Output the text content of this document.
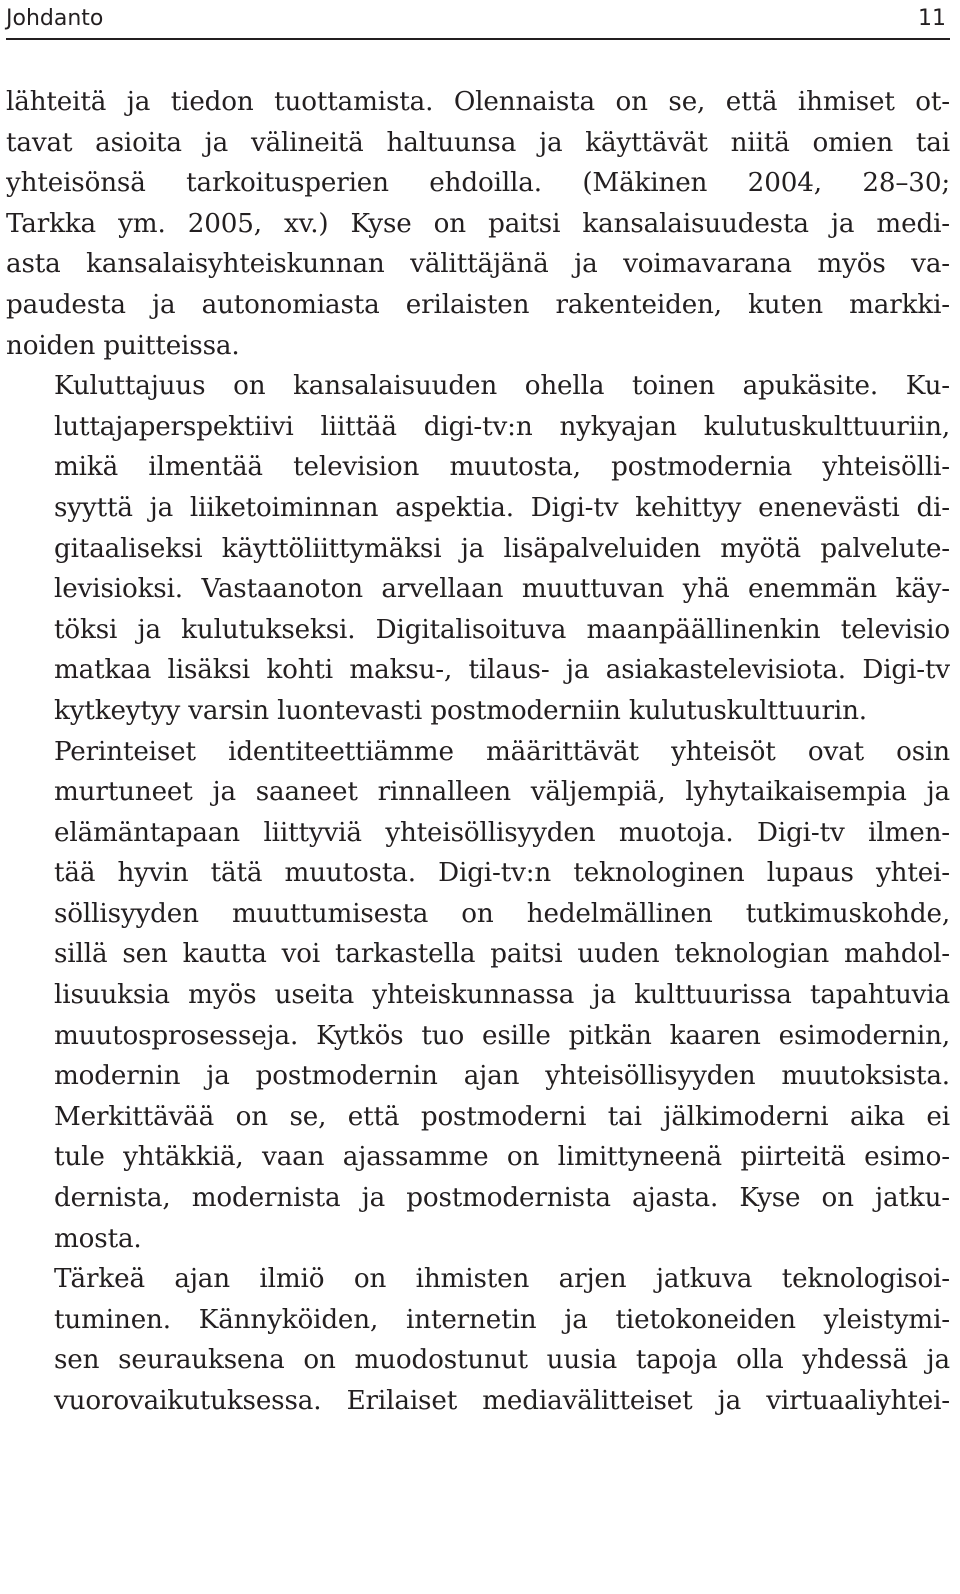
Johdanto	11

lähteitä ja tiedon tuottamista. Olennaista on se, että ihmiset ot-
tavat asioita ja välineitä haltuunsa ja käyttävät niitä omien tai
yhteisönsä tarkoitusperien ehdoilla. (Mäkinen 2004, 28–30;
Tarkka ym. 2005, xv.) Kyse on paitsi kansalaisuudesta ja medi-
asta kansalaisyhteiskunnan välittäjänä ja voimavarana myös va-
paudesta ja autonomiasta erilaisten rakenteiden, kuten markki-
noiden puitteissa.

Kuluttajuus on kansalaisuuden ohella toinen apukäsite. Ku-
luttajaperspektiivi liittää digi-tv:n nykyajan kulutuskulttuuriin,
mikä ilmentää television muutosta, postmodernia yhteisölli-
syyttä ja liiketoiminnan aspektia. Digi-tv kehittyy enenevästi di-
gitaaliseksi käyttöliittymäksi ja lisäpalveluiden myötä palvelute-
levisioksi. Vastaanoton arvellaan muuttuvan yhä enemmän käy-
töksi ja kulutukseksi. Digitalisoituva maanpäällinenkin televisio
matkaa lisäksi kohti maksu-, tilaus- ja asiakastelevisiota. Digi-tv
kytkeytyy varsin luontevasti postmoderniin kulutuskulttuurin.

Perinteiset identiteettiämme määrittävät yhteisöt ovat osin
murtuneet ja saaneet rinnalleen väljempiä, lyhytaikaisempia ja
elämäntapaan liittyviä yhteisöllisyyden muotoja. Digi-tv ilmen-
tää hyvin tätä muutosta. Digi-tv:n teknologinen lupaus yhtei-
söllisyyden muuttumisesta on hedelmällinen tutkimuskohde,
sillä sen kautta voi tarkastella paitsi uuden teknologian mahdol-
lisuuksia myös useita yhteiskunnassa ja kulttuurissa tapahtuvia
muutosprosesseja. Kytkös tuo esille pitkän kaaren esimodernin,
modernin ja postmodernin ajan yhteisöllisyyden muutoksista.
Merkittävää on se, että postmoderni tai jälkimoderni aika ei
tule yhtäkkiä, vaan ajassamme on limittyneenä piirteitä esimo-
dernista, modernista ja postmodernista ajasta. Kyse on jatku-
mosta.

Tärkeä ajan ilmiö on ihmisten arjen jatkuva teknologisoi-
tuminen. Kännyköiden, internetin ja tietokoneiden yleistymi-
sen seurauksena on muodostunut uusia tapoja olla yhdessä ja
vuorovaikutuksessa. Erilaiset mediavälitteiset ja virtuaaliyhtei-
